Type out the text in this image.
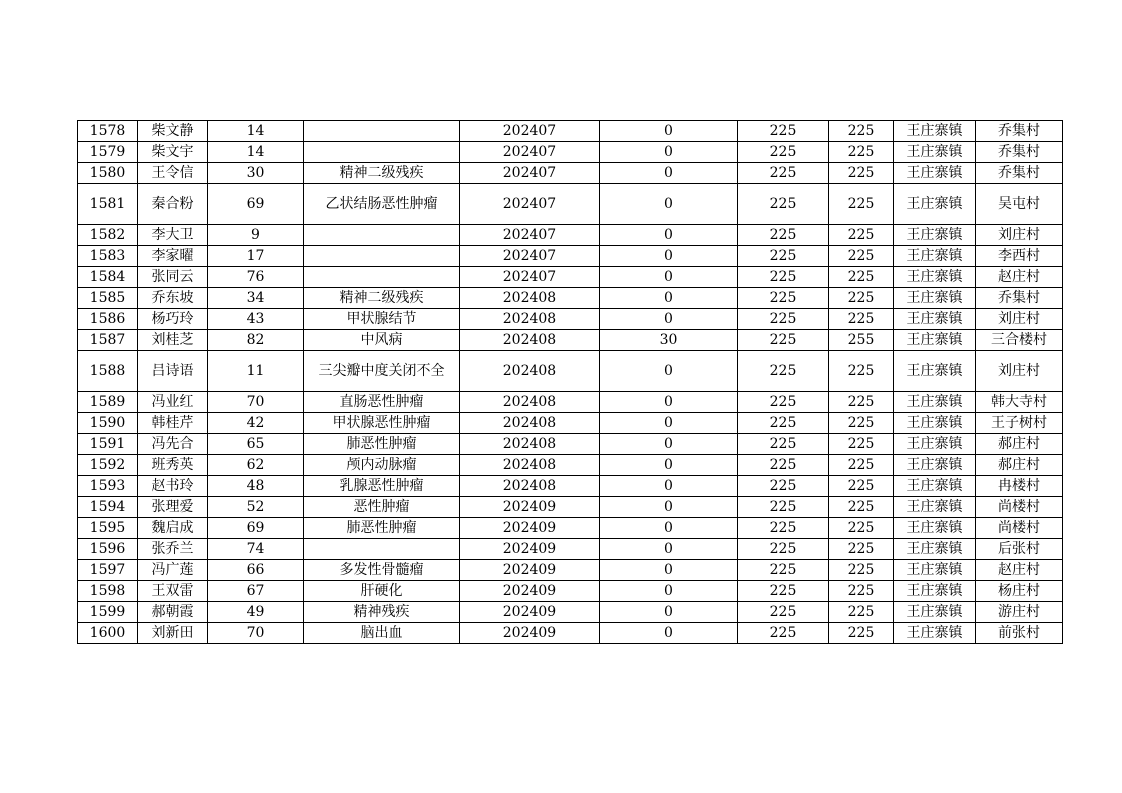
1578	柴文静	14		202407	0	225	225	王庄寨镇	乔集村
1579	柴文宇	14		202407	0	225	225	王庄寨镇	乔集村
1580	王令信	30	精神二级残疾	202407	0	225	225	王庄寨镇	乔集村
1581	秦合粉	69	乙状结肠恶性肿瘤	202407	0	225	225	王庄寨镇	吴屯村
1582	李大卫	9		202407	0	225	225	王庄寨镇	刘庄村
1583	李家曜	17		202407	0	225	225	王庄寨镇	李西村
1584	张同云	76		202407	0	225	225	王庄寨镇	赵庄村
1585	乔东坡	34	精神二级残疾	202408	0	225	225	王庄寨镇	乔集村
1586	杨巧玲	43	甲状腺结节	202408	0	225	225	王庄寨镇	刘庄村
1587	刘桂芝	82	中风病	202408	30	225	255	王庄寨镇	三合楼村
1588	吕诗语	11	三尖瓣中度关闭不全	202408	0	225	225	王庄寨镇	刘庄村
1589	冯业红	70	直肠恶性肿瘤	202408	0	225	225	王庄寨镇	韩大寺村
1590	韩桂芹	42	甲状腺恶性肿瘤	202408	0	225	225	王庄寨镇	王子树村
1591	冯先合	65	肺恶性肿瘤	202408	0	225	225	王庄寨镇	郝庄村
1592	班秀英	62	颅内动脉瘤	202408	0	225	225	王庄寨镇	郝庄村
1593	赵书玲	48	乳腺恶性肿瘤	202408	0	225	225	王庄寨镇	冉楼村
1594	张理爱	52	恶性肿瘤	202409	0	225	225	王庄寨镇	尚楼村
1595	魏启成	69	肺恶性肿瘤	202409	0	225	225	王庄寨镇	尚楼村
1596	张乔兰	74		202409	0	225	225	王庄寨镇	后张村
1597	冯广莲	66	多发性骨髓瘤	202409	0	225	225	王庄寨镇	赵庄村
1598	王双雷	67	肝硬化	202409	0	225	225	王庄寨镇	杨庄村
1599	郝朝霞	49	精神残疾	202409	0	225	225	王庄寨镇	游庄村
1600	刘新田	70	脑出血	202409	0	225	225	王庄寨镇	前张村
